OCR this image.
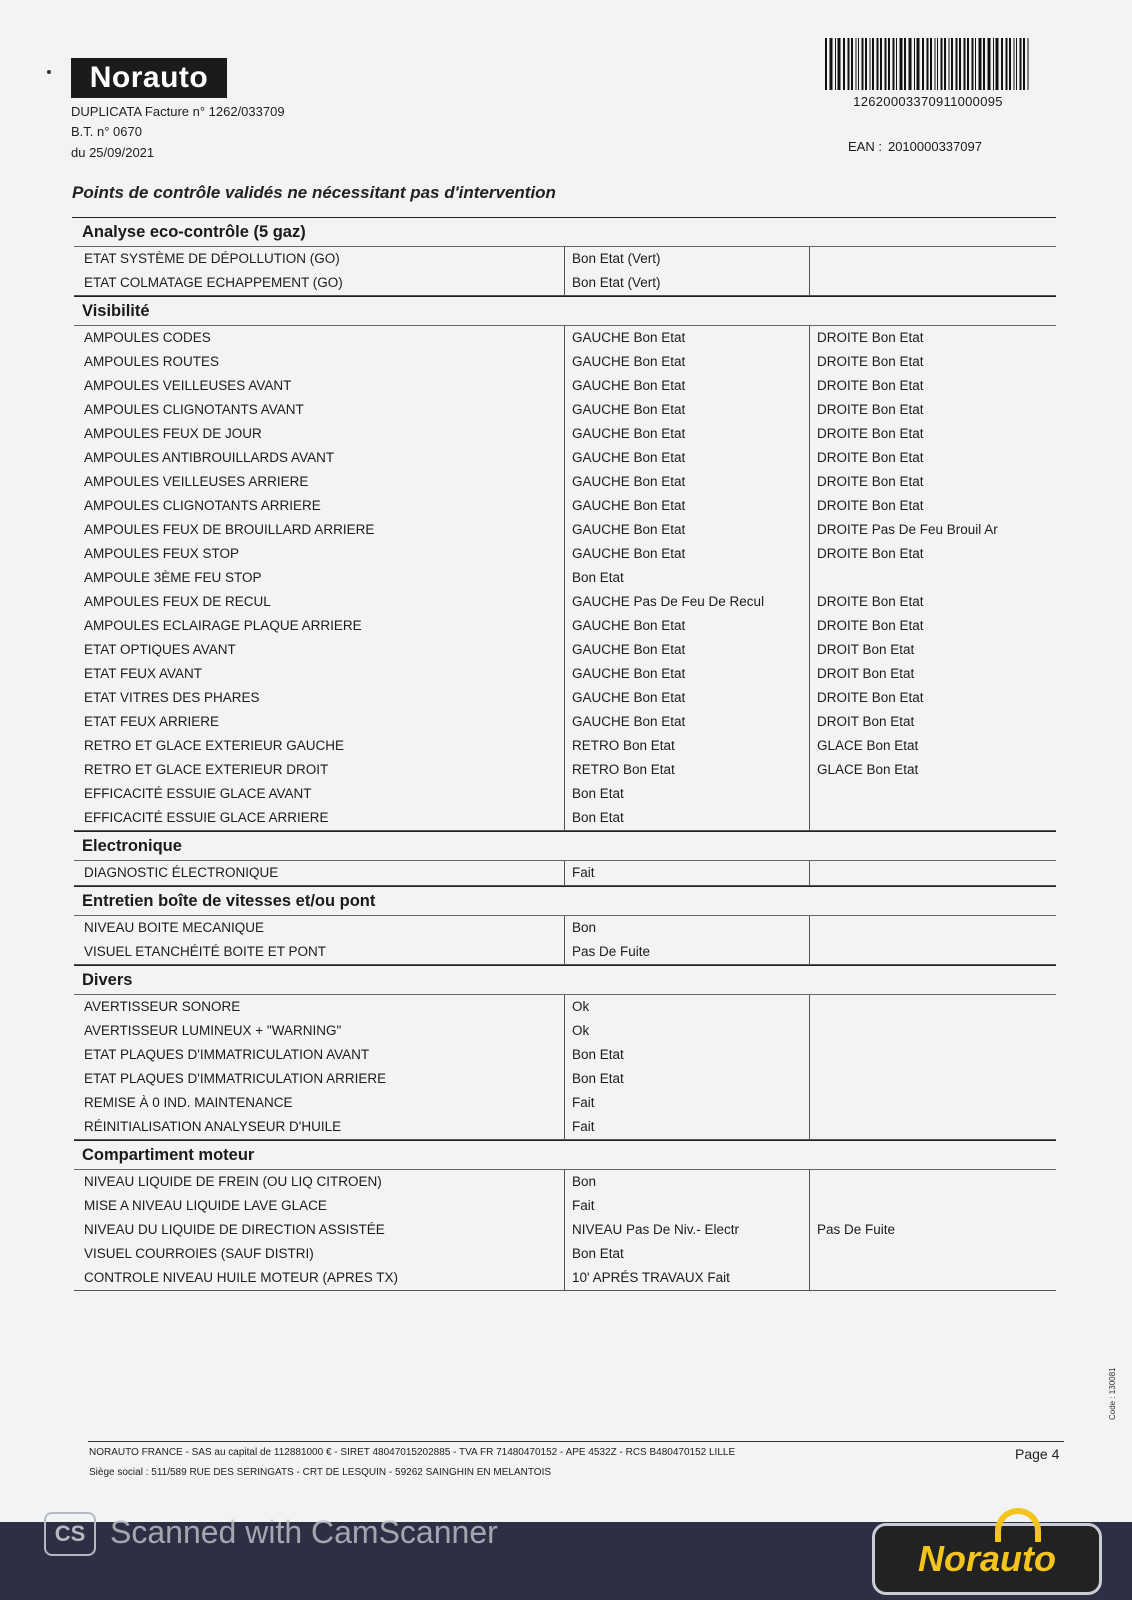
Norauto
DUPLICATA Facture n° 1262/033709
B.T. n° 0670
du 25/09/2021
12620003370911000095
EAN : 2010000337097
Points de contrôle validés ne nécessitant pas d'intervention
Analyse eco-contrôle (5 gaz)
ETAT SYSTÈME DE DÉPOLLUTION (GO)	Bon Etat (Vert)
ETAT COLMATAGE ECHAPPEMENT (GO)	Bon Etat (Vert)
Visibilité
AMPOULES CODES	GAUCHE Bon Etat	DROITE Bon Etat
AMPOULES ROUTES	GAUCHE Bon Etat	DROITE Bon Etat
AMPOULES VEILLEUSES AVANT	GAUCHE Bon Etat	DROITE Bon Etat
AMPOULES CLIGNOTANTS AVANT	GAUCHE Bon Etat	DROITE Bon Etat
AMPOULES FEUX DE JOUR	GAUCHE Bon Etat	DROITE Bon Etat
AMPOULES ANTIBROUILLARDS AVANT	GAUCHE Bon Etat	DROITE Bon Etat
AMPOULES VEILLEUSES ARRIERE	GAUCHE Bon Etat	DROITE Bon Etat
AMPOULES CLIGNOTANTS ARRIERE	GAUCHE Bon Etat	DROITE Bon Etat
AMPOULES FEUX DE BROUILLARD ARRIERE	GAUCHE Bon Etat	DROITE Pas De Feu Brouil Ar
AMPOULES FEUX STOP	GAUCHE Bon Etat	DROITE Bon Etat
AMPOULE 3ÈME FEU STOP	Bon Etat
AMPOULES FEUX DE RECUL	GAUCHE Pas De Feu De Recul	DROITE Bon Etat
AMPOULES ECLAIRAGE PLAQUE ARRIERE	GAUCHE Bon Etat	DROITE Bon Etat
ETAT OPTIQUES AVANT	GAUCHE Bon Etat	DROIT Bon Etat
ETAT FEUX AVANT	GAUCHE Bon Etat	DROIT Bon Etat
ETAT VITRES DES PHARES	GAUCHE Bon Etat	DROITE Bon Etat
ETAT FEUX ARRIERE	GAUCHE Bon Etat	DROIT Bon Etat
RETRO ET GLACE EXTERIEUR GAUCHE	RETRO Bon Etat	GLACE Bon Etat
RETRO ET GLACE EXTERIEUR DROIT	RETRO Bon Etat	GLACE Bon Etat
EFFICACITÉ ESSUIE GLACE AVANT	Bon Etat
EFFICACITÉ ESSUIE GLACE ARRIERE	Bon Etat
Electronique
DIAGNOSTIC ÉLECTRONIQUE	Fait
Entretien boîte de vitesses et/ou pont
NIVEAU BOITE MECANIQUE	Bon
VISUEL ETANCHÉITÉ BOITE ET PONT	Pas De Fuite
Divers
AVERTISSEUR SONORE	Ok
AVERTISSEUR LUMINEUX + "WARNING"	Ok
ETAT PLAQUES D'IMMATRICULATION AVANT	Bon Etat
ETAT PLAQUES D'IMMATRICULATION ARRIERE	Bon Etat
REMISE À 0 IND. MAINTENANCE	Fait
RÉINITIALISATION ANALYSEUR D'HUILE	Fait
Compartiment moteur
NIVEAU LIQUIDE DE FREIN (OU LIQ CITROEN)	Bon
MISE A NIVEAU LIQUIDE LAVE GLACE	Fait
NIVEAU DU LIQUIDE DE DIRECTION ASSISTÉE	NIVEAU Pas De Niv.- Electr	Pas De Fuite
VISUEL COURROIES (SAUF DISTRI)	Bon Etat
CONTROLE NIVEAU HUILE MOTEUR (APRES TX)	10' APRÉS TRAVAUX Fait
NORAUTO FRANCE - SAS au capital de 112881000 € - SIRET 48047015202885 - TVA FR 71480470152 - APE 4532Z - RCS B480470152 LILLE
Siège social : 511/589 RUE DES SERINGATS - CRT DE LESQUIN - 59262 SAINGHIN EN MELANTOIS
Page 4
Code : 130081
CS Scanned with CamScanner
Norauto
